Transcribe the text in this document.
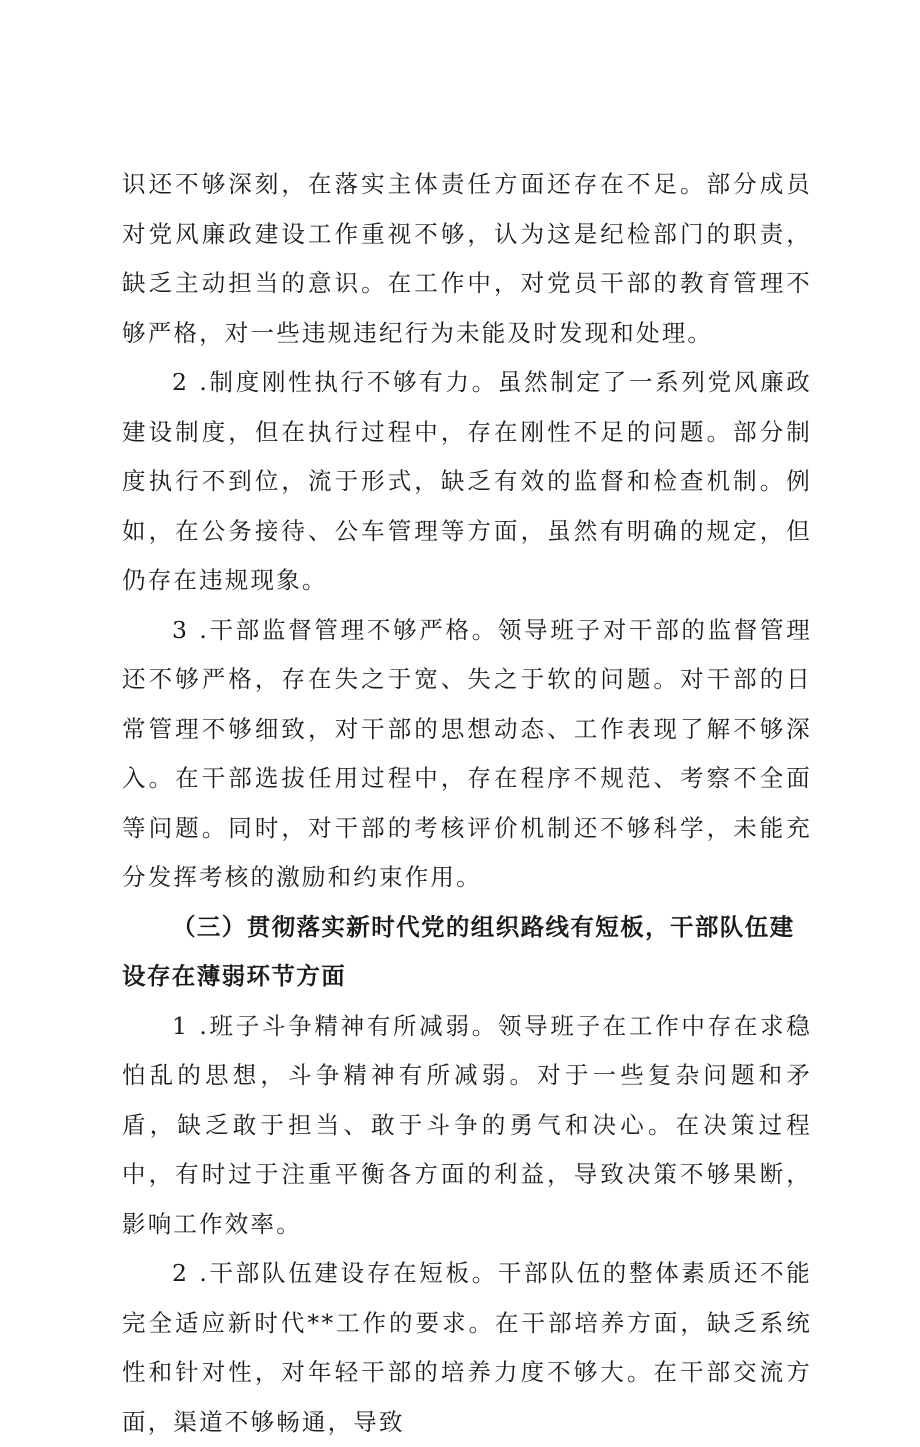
识还不够深刻，在落实主体责任方面还存在不足。部分成员对党风廉政建设工作重视不够，认为这是纪检部门的职责，缺乏主动担当的意识。在工作中，对党员干部的教育管理不够严格，对一些违规违纪行为未能及时发现和处理。

2 .制度刚性执行不够有力。虽然制定了一系列党风廉政建设制度，但在执行过程中，存在刚性不足的问题。部分制度执行不到位，流于形式，缺乏有效的监督和检查机制。例如，在公务接待、公车管理等方面，虽然有明确的规定，但仍存在违规现象。

3 .干部监督管理不够严格。领导班子对干部的监督管理还不够严格，存在失之于宽、失之于软的问题。对干部的日常管理不够细致，对干部的思想动态、工作表现了解不够深入。在干部选拔任用过程中，存在程序不规范、考察不全面等问题。同时，对干部的考核评价机制还不够科学，未能充分发挥考核的激励和约束作用。

（三）贯彻落实新时代党的组织路线有短板，干部队伍建设存在薄弱环节方面

1 .班子斗争精神有所减弱。领导班子在工作中存在求稳怕乱的思想，斗争精神有所减弱。对于一些复杂问题和矛盾，缺乏敢于担当、敢于斗争的勇气和决心。在决策过程中，有时过于注重平衡各方面的利益，导致决策不够果断，影响工作效率。

2 .干部队伍建设存在短板。干部队伍的整体素质还不能完全适应新时代**工作的要求。在干部培养方面，缺乏系统性和针对性，对年轻干部的培养力度不够大。在干部交流方面，渠道不够畅通，导致
